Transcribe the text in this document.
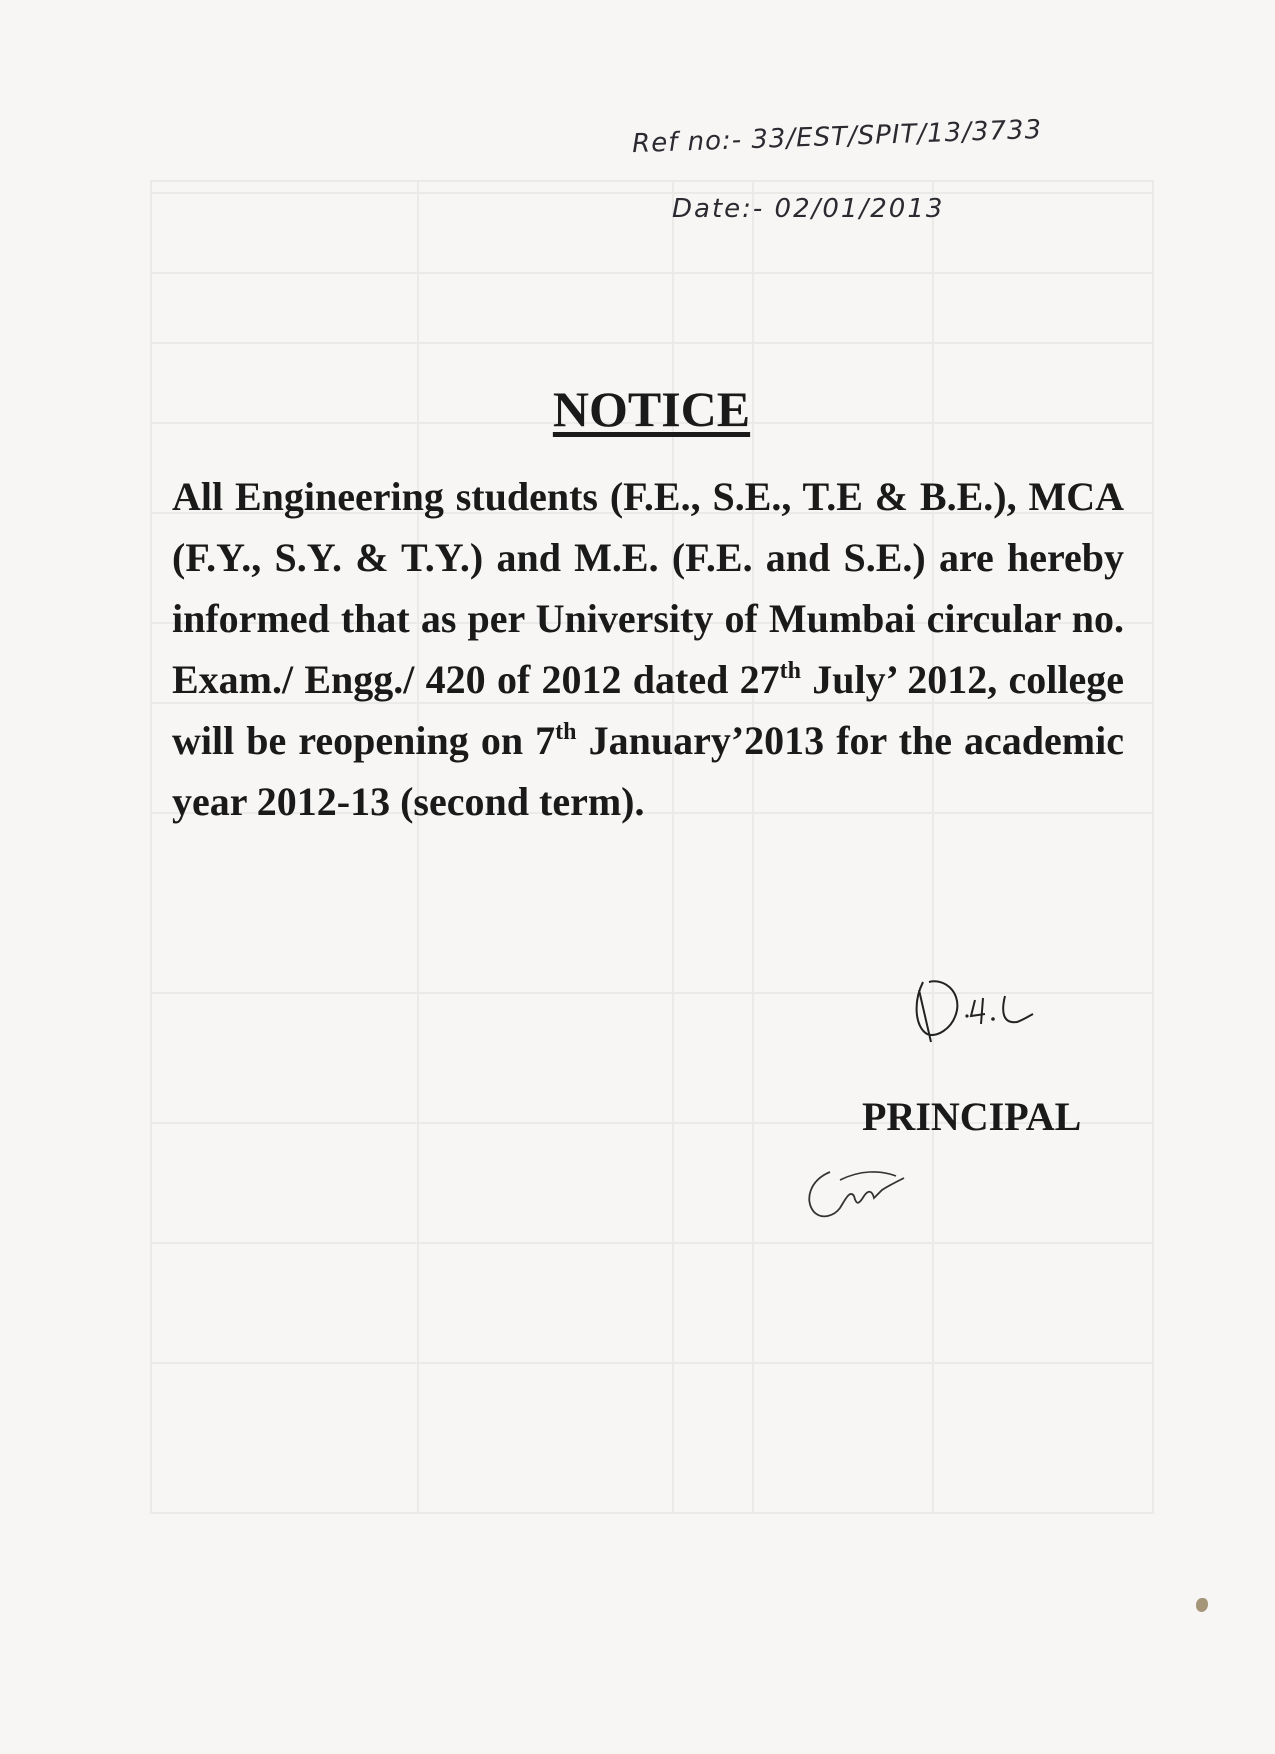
Ref no:- 33/EST/SPIT/13/3733
Date:- 02/01/2013
NOTICE

All Engineering students (F.E., S.E., T.E & B.E.), MCA (F.Y., S.Y. & T.Y.) and M.E. (F.E. and S.E.) are hereby informed that as per University of Mumbai circular no. Exam./ Engg./ 420 of 2012 dated 27th July’ 2012, college will be reopening on 7th January’2013 for the academic year 2012-13 (second term).

PRINCIPAL
